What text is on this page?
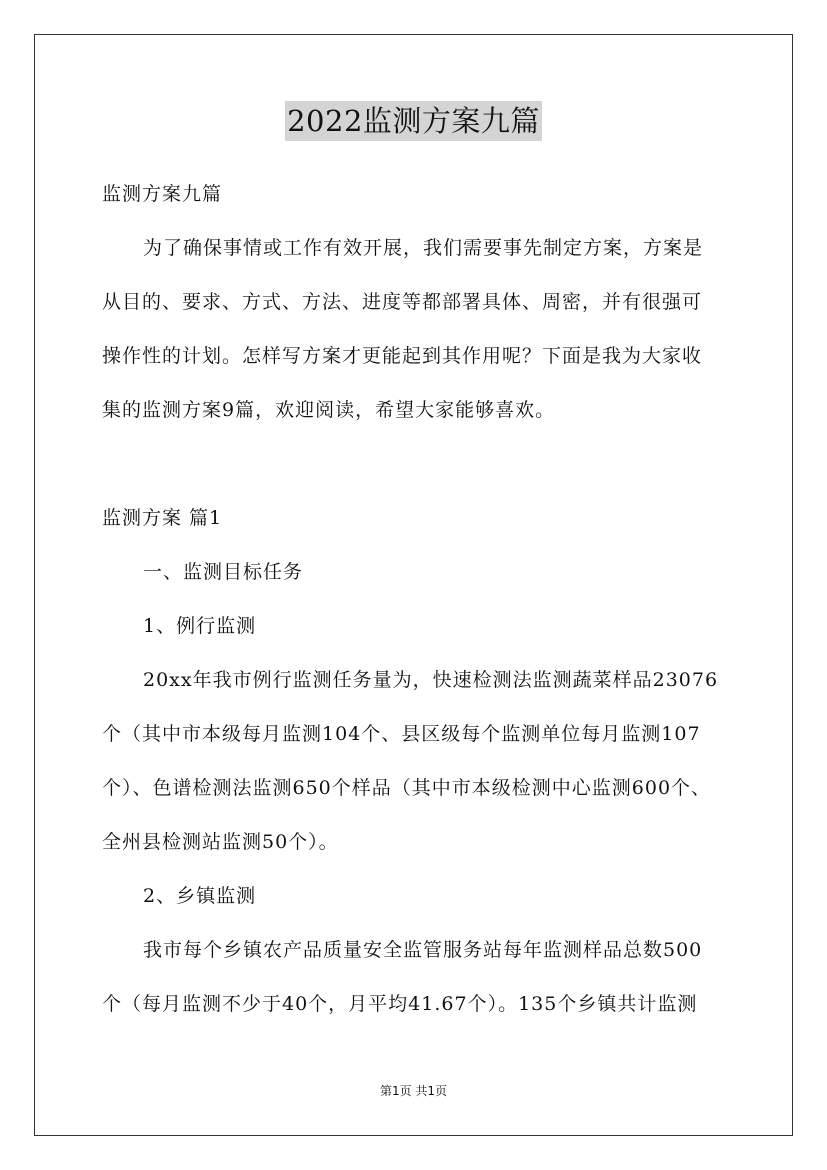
2022监测方案九篇
监测方案九篇
为了确保事情或工作有效开展，我们需要事先制定方案，方案是
从目的、要求、方式、方法、进度等都部署具体、周密，并有很强可
操作性的计划。怎样写方案才更能起到其作用呢？下面是我为大家收
集的监测方案9篇，欢迎阅读，希望大家能够喜欢。
监测方案 篇1
一、监测目标任务
1、例行监测
20xx年我市例行监测任务量为，快速检测法监测蔬菜样品23076
个（其中市本级每月监测104个、县区级每个监测单位每月监测107
个）、色谱检测法监测650个样品（其中市本级检测中心监测600个、
全州县检测站监测50个）。
2、乡镇监测
我市每个乡镇农产品质量安全监管服务站每年监测样品总数500
个（每月监测不少于40个，月平均41.67个）。135个乡镇共计监测
第1页 共1页
